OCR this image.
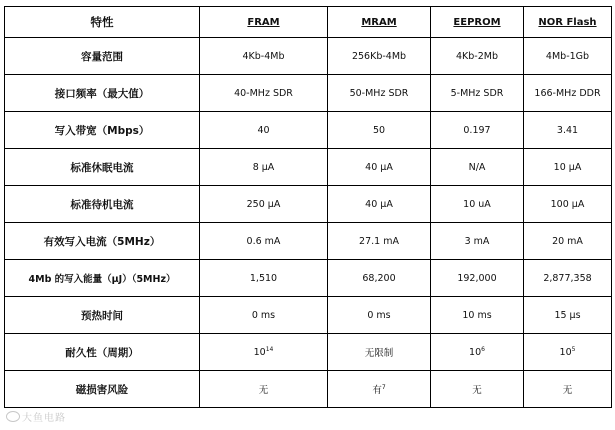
特性	FRAM	MRAM	EEPROM	NOR Flash
容量范围	4Kb-4Mb	256Kb-4Mb	4Kb-2Mb	4Mb-1Gb
接口频率（最大值）	40-MHz SDR	50-MHz SDR	5-MHz SDR	166-MHz DDR
写入带宽（Mbps）	40	50	0.197	3.41
标准休眠电流	8 µA	40 µA	N/A	10 µA
标准待机电流	250 µA	40 µA	10 uA	100 µA
有效写入电流（5MHz）	0.6 mA	27.1 mA	3 mA	20 mA
4Mb 的写入能量（µJ）（5MHz）	1,510	68,200	192,000	2,877,358
预热时间	0 ms	0 ms	10 ms	15 µs
耐久性（周期）	$10^{14}$	无限制	$10^6$	$10^5$
磁损害风险	无	有$^7$	无	无
大鱼电路
